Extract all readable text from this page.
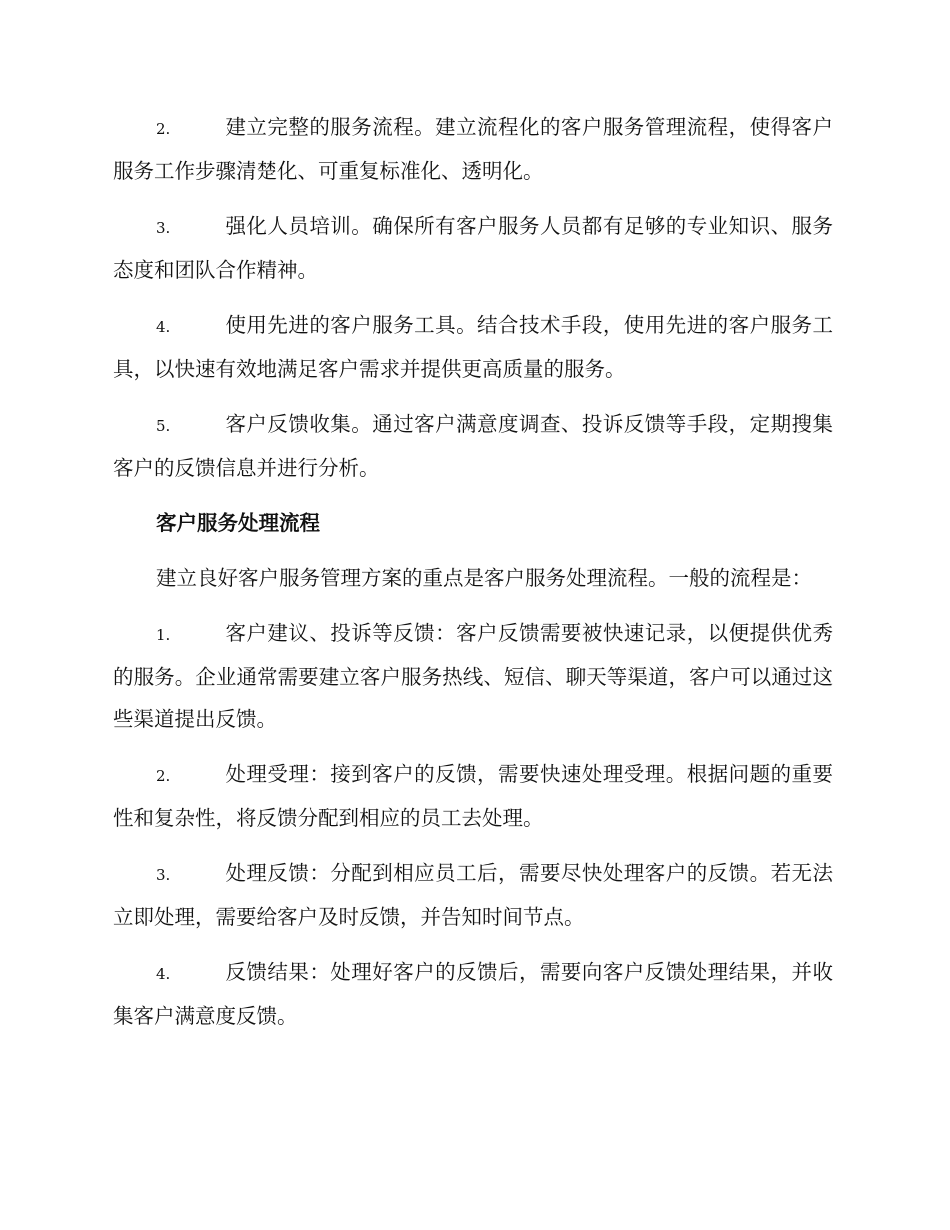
2.	建立完整的服务流程。建立流程化的客户服务管理流程，使得客户服务工作步骤清楚化、可重复标准化、透明化。

3.	强化人员培训。确保所有客户服务人员都有足够的专业知识、服务态度和团队合作精神。

4.	使用先进的客户服务工具。结合技术手段，使用先进的客户服务工具，以快速有效地满足客户需求并提供更高质量的服务。

5.	客户反馈收集。通过客户满意度调查、投诉反馈等手段，定期搜集客户的反馈信息并进行分析。

客户服务处理流程

建立良好客户服务管理方案的重点是客户服务处理流程。一般的流程是：

1.	客户建议、投诉等反馈：客户反馈需要被快速记录，以便提供优秀的服务。企业通常需要建立客户服务热线、短信、聊天等渠道，客户可以通过这些渠道提出反馈。

2.	处理受理：接到客户的反馈，需要快速处理受理。根据问题的重要性和复杂性，将反馈分配到相应的员工去处理。

3.	处理反馈：分配到相应员工后，需要尽快处理客户的反馈。若无法立即处理，需要给客户及时反馈，并告知时间节点。

4.	反馈结果：处理好客户的反馈后，需要向客户反馈处理结果，并收集客户满意度反馈。
